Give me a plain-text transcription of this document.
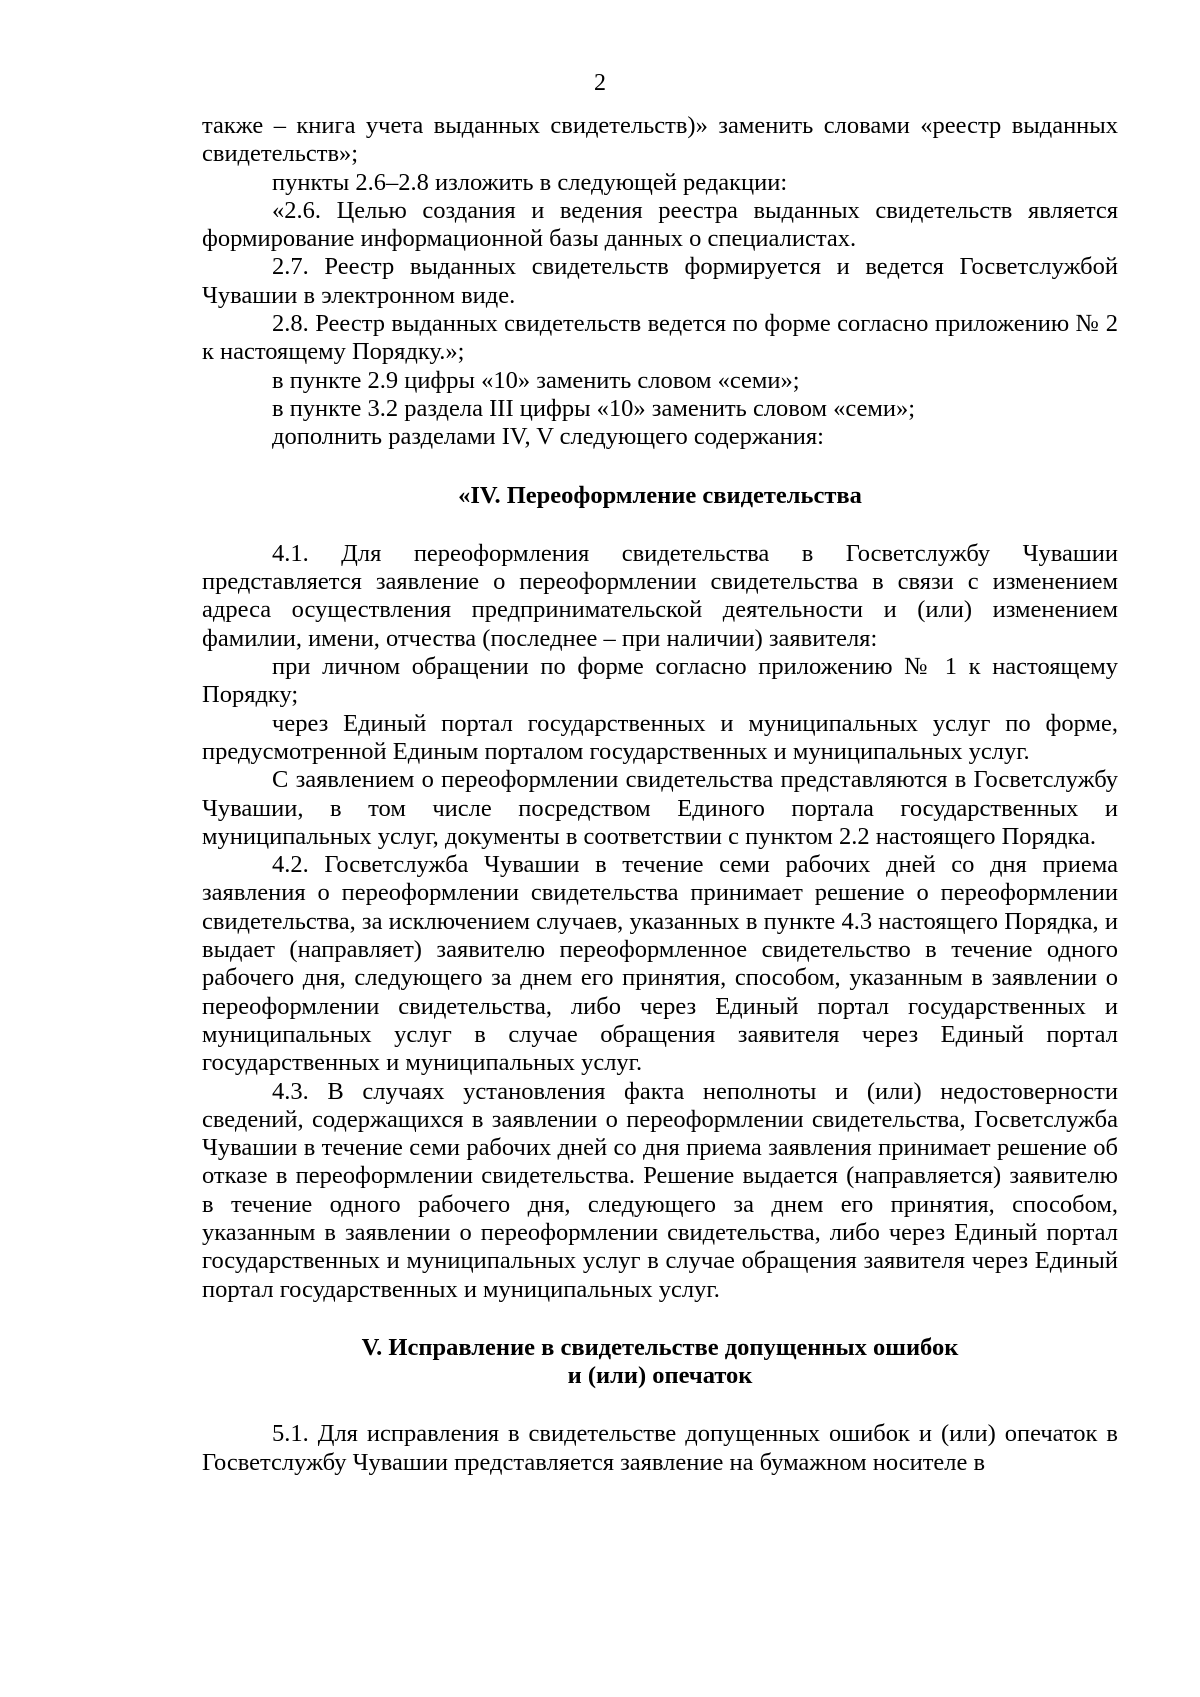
2

также – книга учета выданных свидетельств)» заменить словами «реестр выданных свидетельств»;

пункты 2.6–2.8 изложить в следующей редакции:

«2.6. Целью создания и ведения реестра выданных свидетельств является формирование информационной базы данных о специалистах.

2.7. Реестр выданных свидетельств формируется и ведется Госветслужбой Чувашии в электронном виде.

2.8. Реестр выданных свидетельств ведется по форме согласно приложению № 2 к настоящему Порядку.»;

в пункте 2.9 цифры «10» заменить словом «семи»;

в пункте 3.2 раздела III цифры «10» заменить словом «семи»;

дополнить разделами IV, V следующего содержания:

«IV. Переоформление свидетельства

4.1. Для переоформления свидетельства в Госветслужбу Чувашии представляется заявление о переоформлении свидетельства в связи с изменением адреса осуществления предпринимательской деятельности и (или) изменением фамилии, имени, отчества (последнее – при наличии) заявителя:

при личном обращении по форме согласно приложению № 1 к настоящему Порядку;

через Единый портал государственных и муниципальных услуг по форме, предусмотренной Единым порталом государственных и муниципальных услуг.

С заявлением о переоформлении свидетельства представляются в Госветслужбу Чувашии, в том числе посредством Единого портала государственных и муниципальных услуг, документы в соответствии с пунктом 2.2 настоящего Порядка.

4.2. Госветслужба Чувашии в течение семи рабочих дней со дня приема заявления о переоформлении свидетельства принимает решение о переоформлении свидетельства, за исключением случаев, указанных в пункте 4.3 настоящего Порядка, и выдает (направляет) заявителю переоформленное свидетельство в течение одного рабочего дня, следующего за днем его принятия, способом, указанным в заявлении о переоформлении свидетельства, либо через Единый портал государственных и муниципальных услуг в случае обращения заявителя через Единый портал государственных и муниципальных услуг.

4.3. В случаях установления факта неполноты и (или) недостоверности сведений, содержащихся в заявлении о переоформлении свидетельства, Госветслужба Чувашии в течение семи рабочих дней со дня приема заявления принимает решение об отказе в переоформлении свидетельства. Решение выдается (направляется) заявителю в течение одного рабочего дня, следующего за днем его принятия, способом, указанным в заявлении о переоформлении свидетельства, либо через Единый портал государственных и муниципальных услуг в случае обращения заявителя через Единый портал государственных и муниципальных услуг.

V. Исправление в свидетельстве допущенных ошибок
и (или) опечаток

5.1. Для исправления в свидетельстве допущенных ошибок и (или) опечаток в Госветслужбу Чувашии представляется заявление на бумажном носителе в
